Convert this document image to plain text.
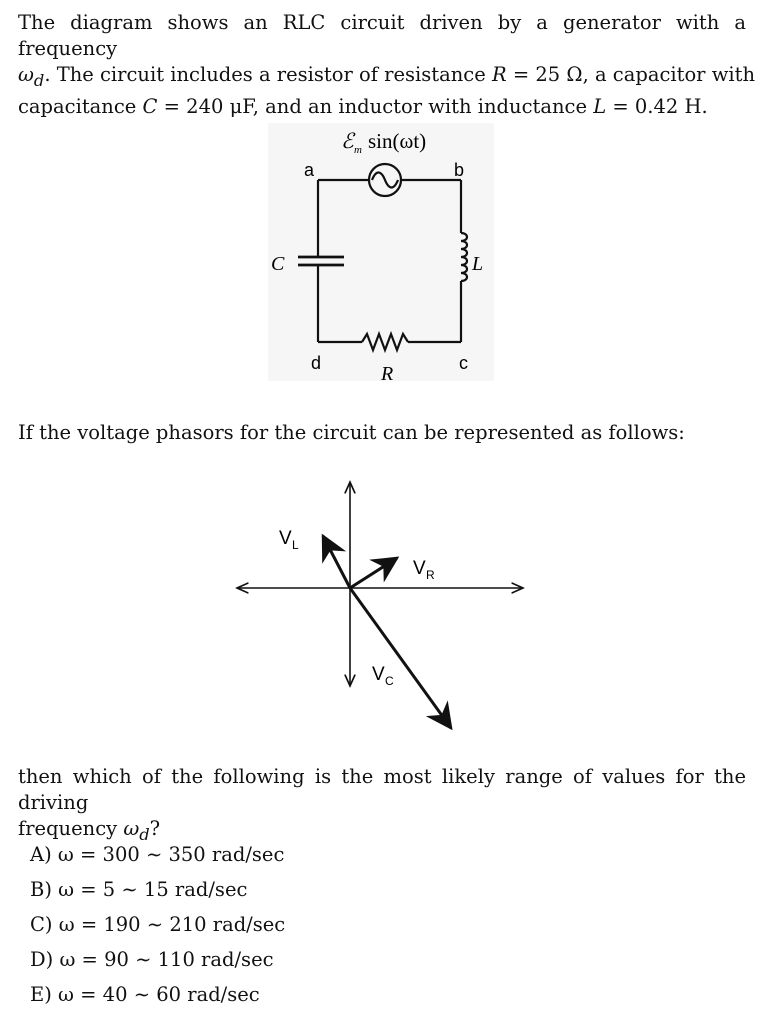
The diagram shows an RLC circuit driven by a generator with a frequency
$\omega_d$. The circuit includes a resistor of resistance R = 25 Ω, a capacitor with
capacitance C = 240 μF, and an inductor with inductance L = 0.42 H.
ℰ m sin(ωt)
a	b
c
d
C	L
R
If the voltage phasors for the circuit can be represented as follows:
V L
V R
V C
then which of the following is the most likely range of values for the driving
frequency $\omega_d$?
A) ω = 300 ∼ 350 rad/sec
B) ω = 5 ∼ 15 rad/sec
C) ω = 190 ∼ 210 rad/sec
D) ω = 90 ∼ 110 rad/sec
E) ω = 40 ∼ 60 rad/sec
